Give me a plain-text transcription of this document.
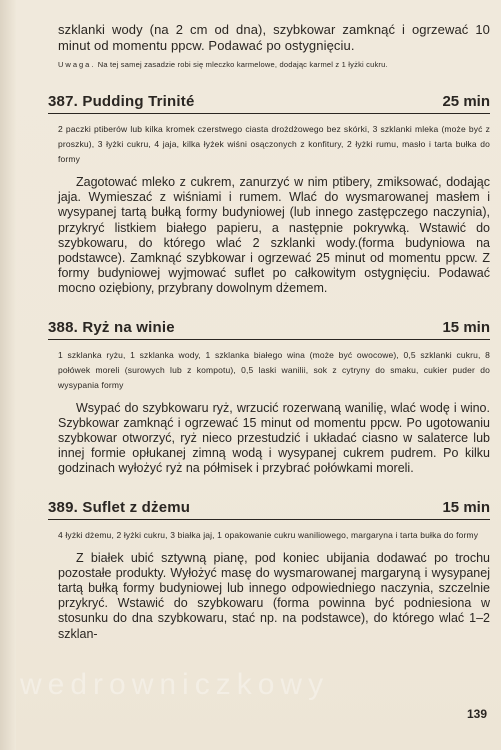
wedrowniczkowy

szklanki wody (na 2 cm od dna), szybkowar zamknąć i ogrzewać 10 minut od momentu ppcw. Podawać po ostygnięciu.

Uwaga. Na tej samej zasadzie robi się mleczko karmelowe, dodając karmel z 1 łyżki cukru.

387. Pudding Trinité	25 min

2 paczki ptiberów lub kilka kromek czerstwego ciasta drożdżowego bez skórki, 3 szklanki mleka (może być z proszku), 3 łyżki cukru, 4 jaja, kilka łyżek wiśni osączonych z konfitury, 2 łyżki rumu, masło i tarta bułka do formy

Zagotować mleko z cukrem, zanurzyć w nim ptibery, zmiksować, dodając jaja. Wymieszać z wiśniami i rumem. Wlać do wysmarowanej masłem i wysypanej tartą bułką formy budyniowej (lub innego zastępczego naczynia), przykryć listkiem białego papieru, a następnie pokrywką. Wstawić do szybkowaru, do którego wlać 2 szklanki wody.(forma budyniowa na podstawce). Zamknąć szybkowar i ogrzewać 25 minut od momentu ppcw. Z formy budyniowej wyjmować suflet po całkowitym ostygnięciu. Podawać mocno oziębiony, przybrany dowolnym dżemem.

388. Ryż na winie	15 min

1 szklanka ryżu, 1 szklanka wody, 1 szklanka białego wina (może być owocowe), 0,5 szklanki cukru, 8 połówek moreli (surowych lub z kompotu), 0,5 laski wanilii, sok z cytryny do smaku, cukier puder do wysypania formy

Wsypać do szybkowaru ryż, wrzucić rozerwaną wanilię, wlać wodę i wino. Szybkowar zamknąć i ogrzewać 15 minut od momentu ppcw. Po ugotowaniu szybkowar otworzyć, ryż nieco przestudzić i układać ciasno w salaterce lub innej formie opłukanej zimną wodą i wysypanej cukrem pudrem. Po kilku godzinach wyłożyć ryż na półmisek i przybrać połówkami moreli.

389. Suflet z dżemu	15 min

4 łyżki dżemu, 2 łyżki cukru, 3 białka jaj, 1 opakowanie cukru waniliowego, margaryna i tarta bułka do formy

Z białek ubić sztywną pianę, pod koniec ubijania dodawać po trochu pozostałe produkty. Wyłożyć masę do wysmarowanej margaryną i wysypanej tartą bułką formy budyniowej lub innego odpowiedniego naczynia, szczelnie przykryć. Wstawić do szybkowaru (forma powinna być podniesiona w stosunku do dna szybkowaru, stać np. na podstawce), do którego wlać 1–2 szklan-

139
